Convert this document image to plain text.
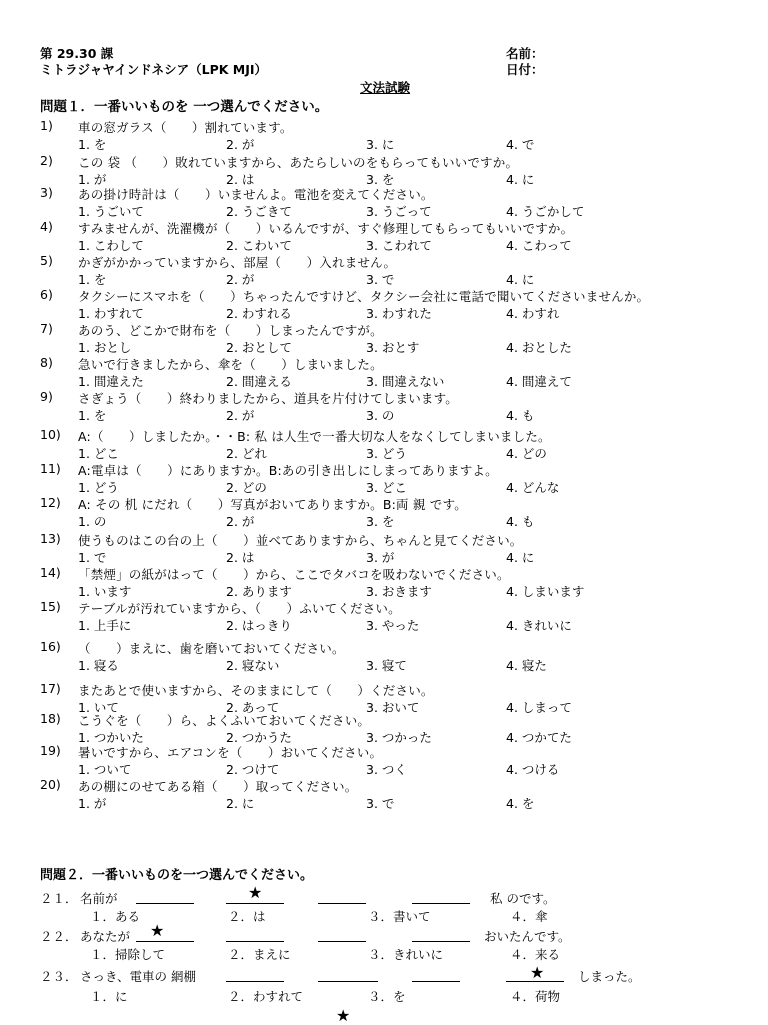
第 29.30 課
ミトラジャヤインドネシア（LPK MJI）
名前：
日付：
文法試験
問題１．一番いいものを 一つ選んでください。
1) 車の窓ガラス（　　）割れています。
1. を	2. が	3. に	4. で
2) この 袋 （　　）敗れていますから、あたらしいのをもらってもいいですか。
1. が	2. は	3. を	4. に
3) あの掛け時計は（　　）いませんよ。電池を変えてください。
1. うごいて	2. うごきて	3. うごって	4. うごかして
4) すみませんが、洗濯機が（　　）いるんですが、すぐ修理してもらってもいいですか。
1. こわして	2. こわいて	3. こわれて	4. こわって
5) かぎがかかっていますから、部屋（　　）入れません。
1. を	2. が	3. で	4. に
6) タクシーにスマホを（　　）ちゃったんですけど、タクシー会社に電話で聞いてくださいませんか。
1. わすれて	2. わすれる	3. わすれた	4. わすれ
7) あのう、どこかで財布を（　　）しまったんですが。
1. おとし	2. おとして	3. おとす	4. おとした
8) 急いで行きましたから、傘を（　　）しまいました。
1. 間違えた	2. 間違える	3. 間違えない	4. 間違えて
9) さぎょう（　　）終わりましたから、道具を片付けてしまいます。
1. を	2. が	3. の	4. も
10) A:（　　）しましたか。・・B: 私 は人生で一番大切な人をなくしてしまいました。
1. どこ	2. どれ	3. どう	4. どの
11) A:電卓は（　　）にありますか。B:あの引き出しにしまってありますよ。
1. どう	2. どの	3. どこ	4. どんな
12) A: その 机 にだれ（　　）写真がおいてありますか。B:両 親 です。
1. の	2. が	3. を	4. も
13) 使うものはこの台の上（　　）並べてありますから、ちゃんと見てください。
1. で	2. は	3. が	4. に
14) 「禁煙」の紙がはって（　　）から、ここでタバコを吸わないでください。
1. います	2. あります	3. おきます	4. しまいます
15) テーブルが汚れていますから、（　　）ふいてください。
1. 上手に	2. はっきり	3. やった	4. きれいに
16) （　　）まえに、歯を磨いておいてください。
1. 寝る	2. 寝ない	3. 寝て	4. 寝た
17) またあとで使いますから、そのままにして（　　）ください。
1. いて	2. あって	3. おいて	4. しまって
18) こうぐを（　　）ら、よくふいておいてください。
1. つかいた	2. つかうた	3. つかった	4. つかてた
19) 暑いですから、エアコンを（　　）おいてください。
1. ついて	2. つけて	3. つく	4. つける
20) あの棚にのせてある箱（　　）取ってください。
1. が	2. に	3. で	4. を
問題２．一番いいものを一つ選んでください。
２１． 名前が	★	私 のです。
１．ある	２．は	３．書いて	４．傘
２２． あなたが ★	おいたんです。
１．掃除して	２．まえに	３．きれいに	４．来る
２３． さっき、電車の 網棚	★	しまった。
１．に	２．わすれて	３．を	４．荷物
★
